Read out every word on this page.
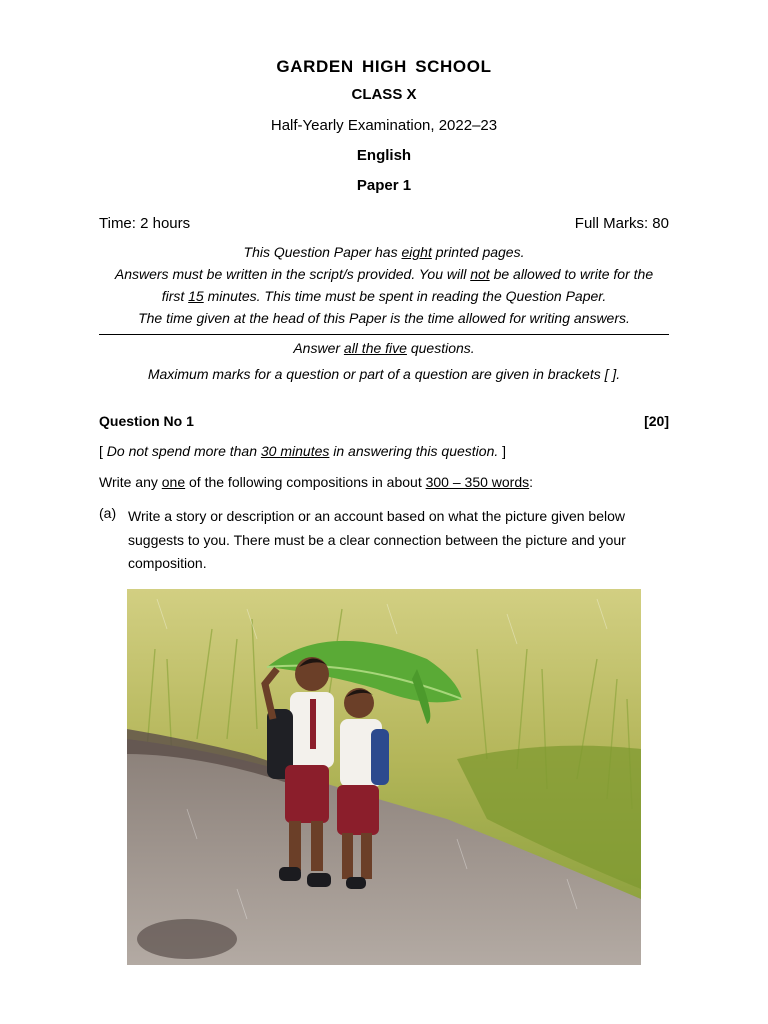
GARDEN HIGH SCHOOL
CLASS X
Half-Yearly Examination, 2022–23
English
Paper 1
Time: 2 hours	Full Marks: 80
This Question Paper has eight printed pages.
Answers must be written in the script/s provided. You will not be allowed to write for the
first 15 minutes. This time must be spent in reading the Question Paper.
The time given at the head of this Paper is the time allowed for writing answers.
Answer all the five questions.
Maximum marks for a question or part of a question are given in brackets [ ].
Question No 1	[20]
[ Do not spend more than 30 minutes in answering this question. ]
Write any one of the following compositions in about 300 – 350 words:
(a) Write a story or description or an account based on what the picture given below suggests to you. There must be a clear connection between the picture and your composition.
